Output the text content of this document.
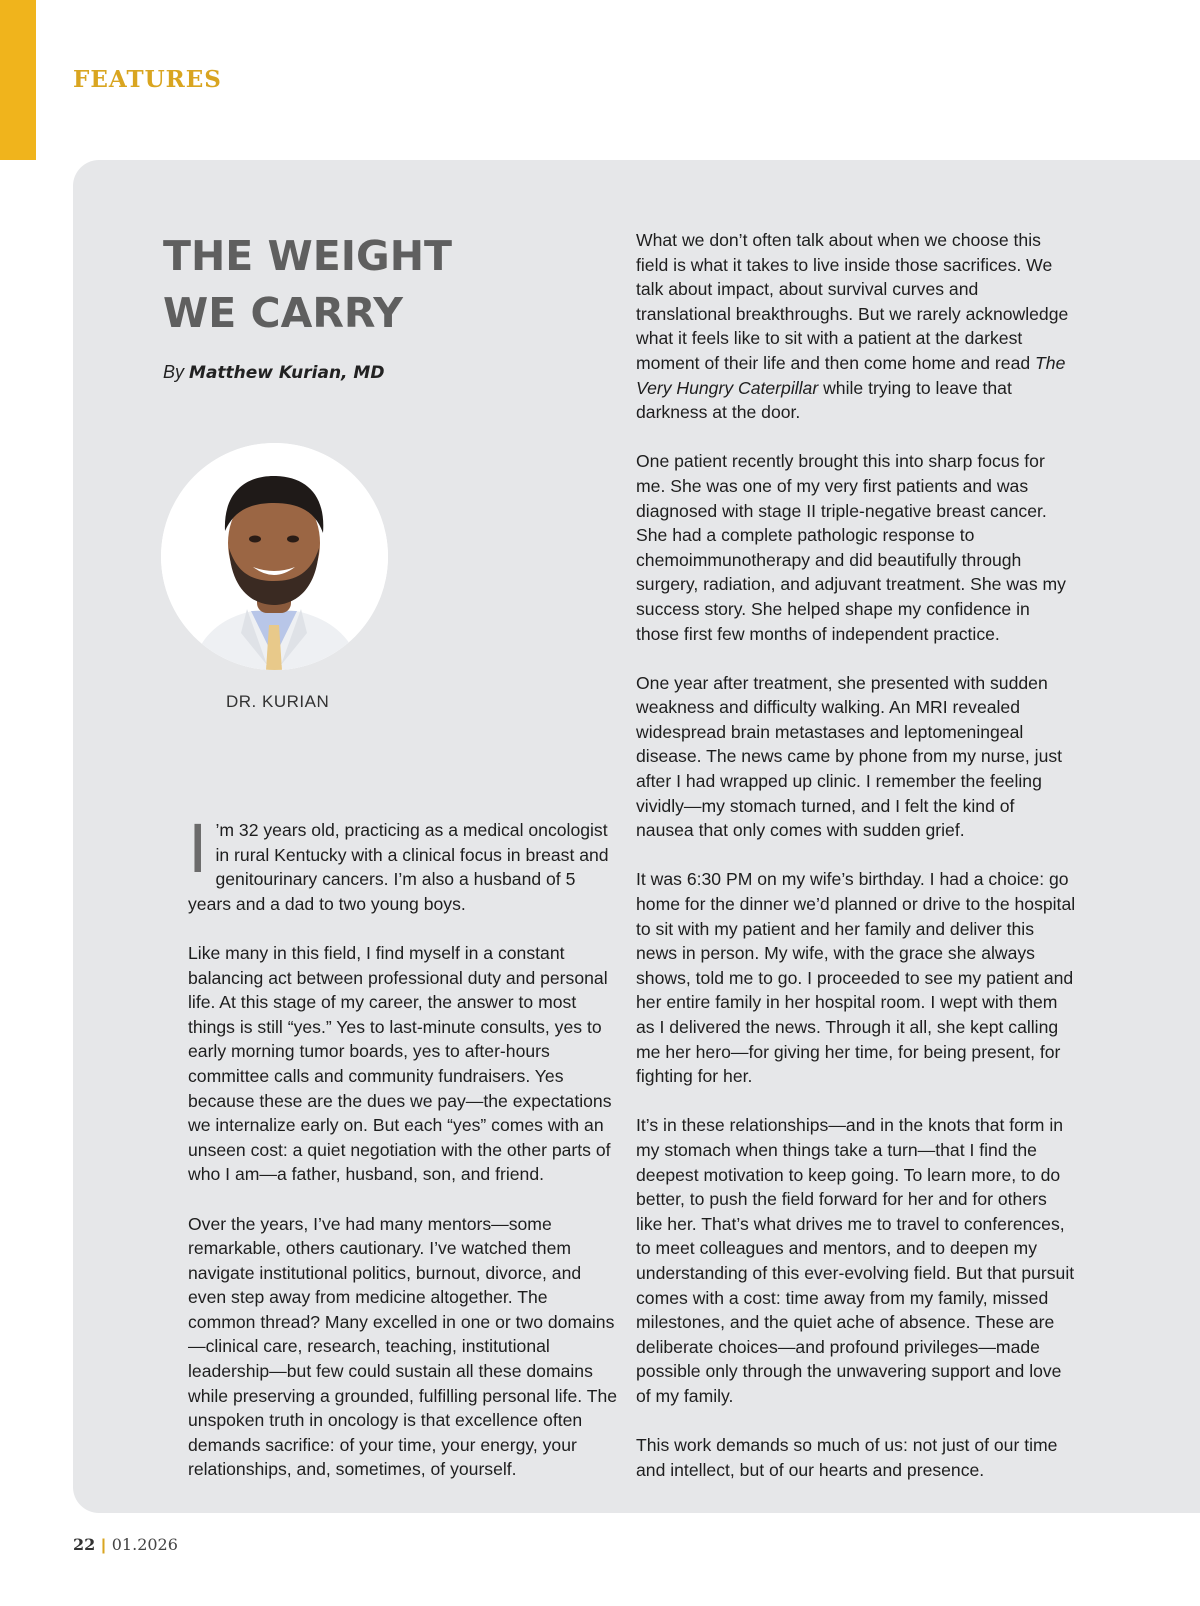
FEATURES
THE WEIGHT
WE CARRY
By Matthew Kurian, MD
DR. KURIAN

I ’m 32 years old, practicing as a medical oncologist in rural Kentucky with a clinical focus in breast and genitourinary cancers. I’m also a husband of 5 years and a dad to two young boys.

Like many in this field, I find myself in a constant balancing act between professional duty and personal life. At this stage of my career, the answer to most things is still “yes.” Yes to last-minute consults, yes to early morning tumor boards, yes to after-hours committee calls and community fundraisers. Yes because these are the dues we pay—the expectations we internalize early on. But each “yes” comes with an unseen cost: a quiet negotiation with the other parts of who I am—a father, husband, son, and friend.

Over the years, I’ve had many mentors—some remarkable, others cautionary. I’ve watched them navigate institutional politics, burnout, divorce, and even step away from medicine altogether. The common thread? Many excelled in one or two domains—clinical care, research, teaching, institutional leadership—but few could sustain all these domains while preserving a grounded, fulfilling personal life. The unspoken truth in oncology is that excellence often demands sacrifice: of your time, your energy, your relationships, and, sometimes, of yourself.

What we don’t often talk about when we choose this field is what it takes to live inside those sacrifices. We talk about impact, about survival curves and translational breakthroughs. But we rarely acknowledge what it feels like to sit with a patient at the darkest moment of their life and then come home and read The Very Hungry Caterpillar while trying to leave that darkness at the door.

One patient recently brought this into sharp focus for me. She was one of my very first patients and was diagnosed with stage II triple-negative breast cancer. She had a complete pathologic response to chemoimmunotherapy and did beautifully through surgery, radiation, and adjuvant treatment. She was my success story. She helped shape my confidence in those first few months of independent practice.

One year after treatment, she presented with sudden weakness and difficulty walking. An MRI revealed widespread brain metastases and leptomeningeal disease. The news came by phone from my nurse, just after I had wrapped up clinic. I remember the feeling vividly—my stomach turned, and I felt the kind of nausea that only comes with sudden grief.

It was 6:30 PM on my wife’s birthday. I had a choice: go home for the dinner we’d planned or drive to the hospital to sit with my patient and her family and deliver this news in person. My wife, with the grace she always shows, told me to go. I proceeded to see my patient and her entire family in her hospital room. I wept with them as I delivered the news. Through it all, she kept calling me her hero—for giving her time, for being present, for fighting for her.

It’s in these relationships—and in the knots that form in my stomach when things take a turn—that I find the deepest motivation to keep going. To learn more, to do better, to push the field forward for her and for others like her. That’s what drives me to travel to conferences, to meet colleagues and mentors, and to deepen my understanding of this ever-evolving field. But that pursuit comes with a cost: time away from my family, missed milestones, and the quiet ache of absence. These are deliberate choices—and profound privileges—made possible only through the unwavering support and love of my family.

This work demands so much of us: not just of our time and intellect, but of our hearts and presence.

22 | 01.2026
